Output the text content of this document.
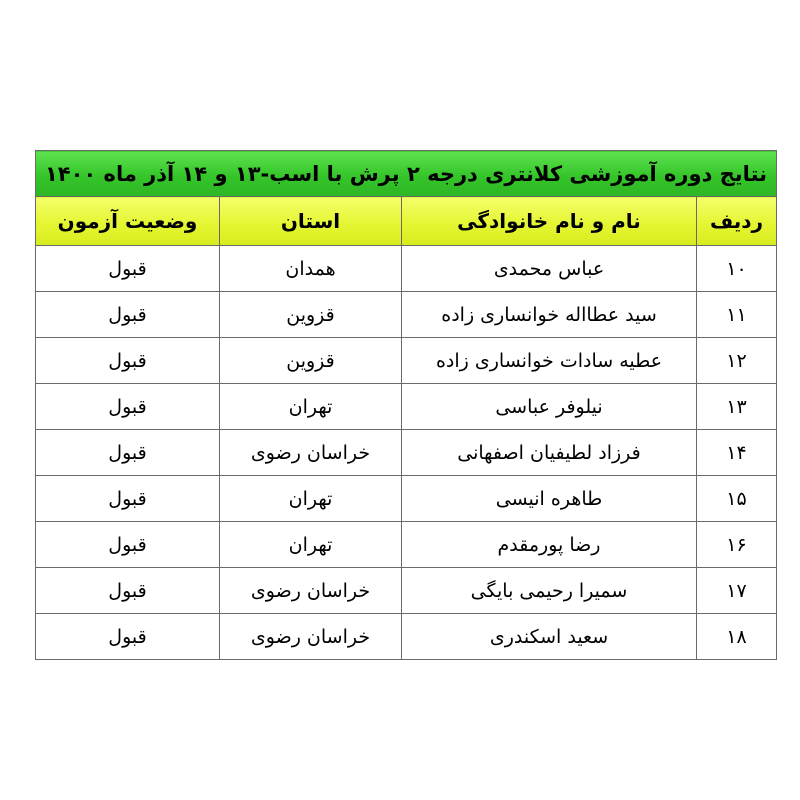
نتایج دوره آموزشی کلانتری درجه ۲ پرش با اسب-۱۳ و ۱۴ آذر ماه ۱۴۰۰			
ردیف	نام و نام خانوادگی	استان	وضعیت آزمون
۱۰	عباس محمدی	همدان	قبول
۱۱	سید عطااله خوانساری زاده	قزوین	قبول
۱۲	عطیه سادات خوانساری زاده	قزوین	قبول
۱۳	نیلوفر عباسی	تهران	قبول
۱۴	فرزاد لطیفیان اصفهانی	خراسان رضوی	قبول
۱۵	طاهره انیسی	تهران	قبول
۱۶	رضا پورمقدم	تهران	قبول
۱۷	سمیرا رحیمی بایگی	خراسان رضوی	قبول
۱۸	سعید اسکندری	خراسان رضوی	قبول
